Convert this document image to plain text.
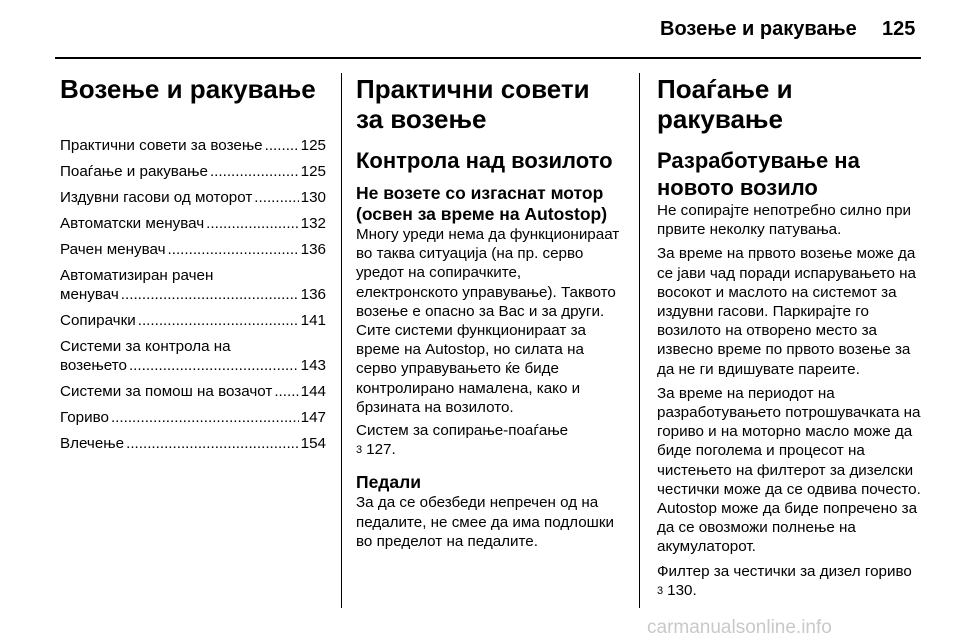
Возење и ракување 125
Возење и ракување
Практични совети за возење .....	125
Поаѓање и ракување .....	125
Издувни гасови од моторот .....	130
Автоматски менувач .....	132
Рачен менувач .....	136
Автоматизиран рачен
менувач .....	136
Сопирачки .....	141
Системи за контрола на
возењето .....	143
Системи за помош на возачот ..... 144
Гориво .....	147
Влечење .....	154
Практични совети за возење
Контрола над возилото
Не возете со изгаснат мотор (освен за време на Autostop)

Многу уреди нема да функционираат во таква ситуација (на пр. серво уредот на сопирачките, електронското управување). Таквото возење е опасно за Вас и за други. Сите системи функционираат за време на Autostop, но силата на серво управувањето ќе биде контролирано намалена, како и брзината на возилото.

Систем за сопирање-поаѓање
3 127.

Педали

За да се обезбеди непречен од на педалите, не смее да има подлошки во пределот на педалите.

Поаѓање и ракување
Разработување на новото возило

Не сопирајте непотребно силно при првите неколку патувања.

За време на првото возење може да се јави чад поради испарувањето на восокот и маслото на системот за издувни гасови. Паркирајте го возилото на отворено место за извесно време по првото возење за да не ги вдишувате пареите.

За време на периодот на разработувањето потрошувачката на гориво и на моторно масло може да биде поголема и процесот на чистењето на филтерот за дизелски честички може да се одвива почесто. Autostop може да биде попречено за да се овозможи полнење на акумулаторот.

Филтер за честички за дизел гориво 3 130.

carmanualsonline.info
